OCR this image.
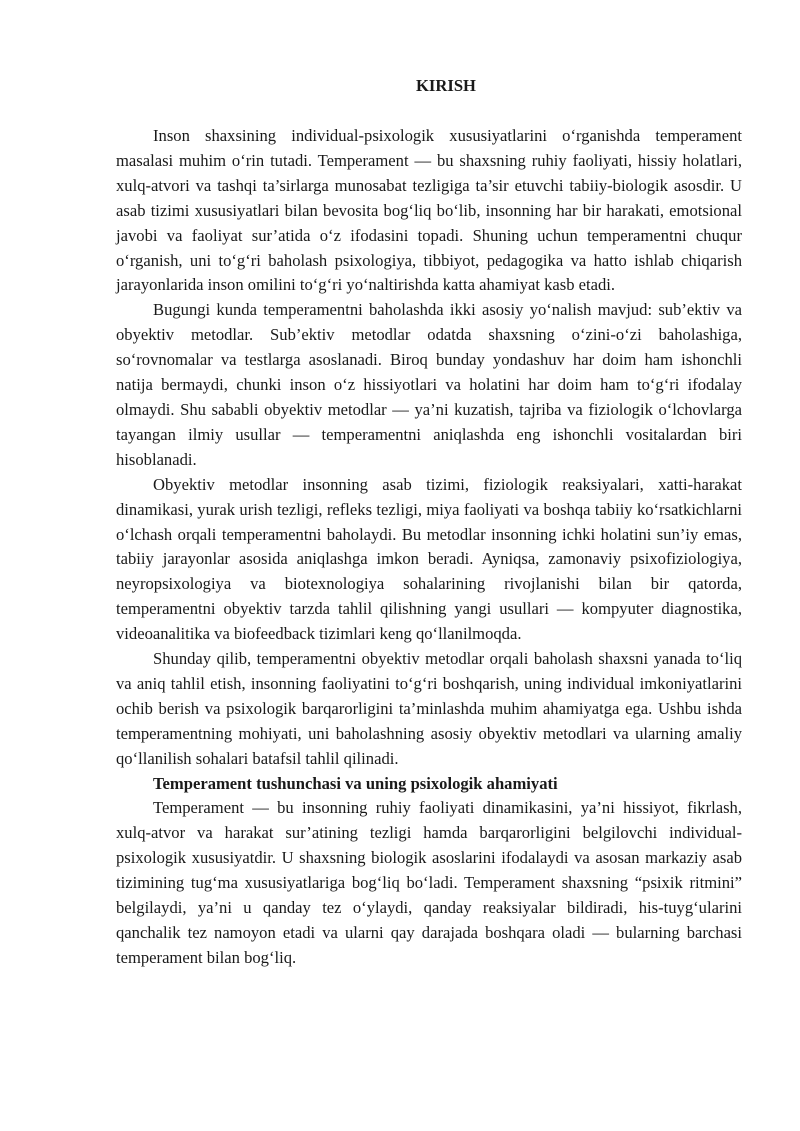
KIRISH

Inson shaxsining individual-psixologik xususiyatlarini o‘rganishda temperament masalasi muhim o‘rin tutadi. Temperament — bu shaxsning ruhiy faoliyati, hissiy holatlari, xulq-atvori va tashqi ta’sirlarga munosabat tezligiga ta’sir etuvchi tabiiy-biologik asosdir. U asab tizimi xususiyatlari bilan bevosita bog‘liq bo‘lib, insonning har bir harakati, emotsional javobi va faoliyat sur’atida o‘z ifodasini topadi. Shuning uchun temperamentni chuqur o‘rganish, uni to‘g‘ri baholash psixologiya, tibbiyot, pedagogika va hatto ishlab chiqarish jarayonlarida inson omilini to‘g‘ri yo‘naltirishda katta ahamiyat kasb etadi.

Bugungi kunda temperamentni baholashda ikki asosiy yo‘nalish mavjud: sub’ektiv va obyektiv metodlar. Sub’ektiv metodlar odatda shaxsning o‘zini-o‘zi baholashiga, so‘rovnomalar va testlarga asoslanadi. Biroq bunday yondashuv har doim ham ishonchli natija bermaydi, chunki inson o‘z hissiyotlari va holatini har doim ham to‘g‘ri ifodalay olmaydi. Shu sababli obyektiv metodlar — ya’ni kuzatish, tajriba va fiziologik o‘lchovlarga tayangan ilmiy usullar — temperamentni aniqlashda eng ishonchli vositalardan biri hisoblanadi.

Obyektiv metodlar insonning asab tizimi, fiziologik reaksiyalari, xatti-harakat dinamikasi, yurak urish tezligi, refleks tezligi, miya faoliyati va boshqa tabiiy ko‘rsatkichlarni o‘lchash orqali temperamentni baholaydi. Bu metodlar insonning ichki holatini sun’iy emas, tabiiy jarayonlar asosida aniqlashga imkon beradi. Ayniqsa, zamonaviy psixofiziologiya, neyropsixologiya va biotexnologiya sohalarining rivojlanishi bilan bir qatorda, temperamentni obyektiv tarzda tahlil qilishning yangi usullari — kompyuter diagnostika, videoanalitika va biofeedback tizimlari keng qo‘llanilmoqda.

Shunday qilib, temperamentni obyektiv metodlar orqali baholash shaxsni yanada to‘liq va aniq tahlil etish, insonning faoliyatini to‘g‘ri boshqarish, uning individual imkoniyatlarini ochib berish va psixologik barqarorligini ta’minlashda muhim ahamiyatga ega. Ushbu ishda temperamentning mohiyati, uni baholashning asosiy obyektiv metodlari va ularning amaliy qo‘llanilish sohalari batafsil tahlil qilinadi.

Temperament tushunchasi va uning psixologik ahamiyati

Temperament — bu insonning ruhiy faoliyati dinamikasini, ya’ni hissiyot, fikrlash, xulq-atvor va harakat sur’atining tezligi hamda barqarorligini belgilovchi individual-psixologik xususiyatdir. U shaxsning biologik asoslarini ifodalaydi va asosan markaziy asab tizimining tug‘ma xususiyatlariga bog‘liq bo‘ladi. Temperament shaxsning “psixik ritmini” belgilaydi, ya’ni u qanday tez o‘ylaydi, qanday reaksiyalar bildiradi, his-tuyg‘ularini qanchalik tez namoyon etadi va ularni qay darajada boshqara oladi — bularning barchasi temperament bilan bog‘liq.
